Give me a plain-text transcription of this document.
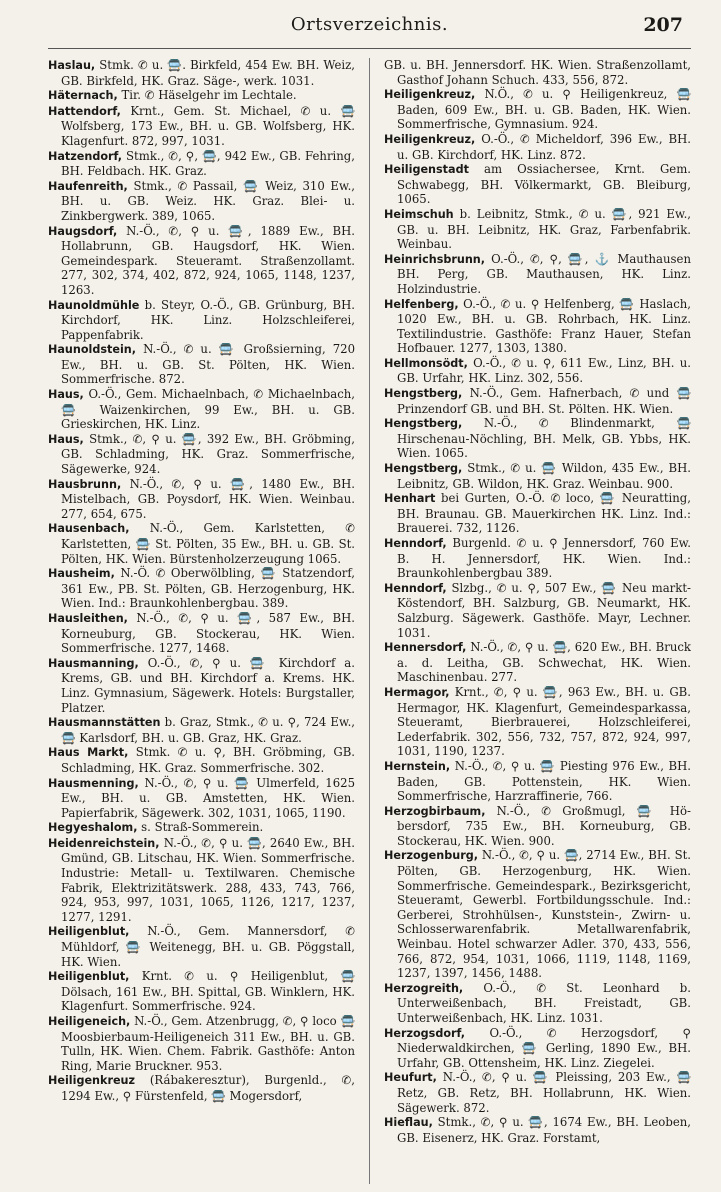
Ortsverzeichnis.	207

Haslau, Stmk. ✆ u. 🚍. Birkfeld, 454 Ew. BH. Weiz, GB. Birkfeld, HK. Graz. Säge-, werk. 1031.

Häternach, Tir. ✆ Häselgehr im Lechtale.

Hattendorf, Krnt., Gem. St. Michael, ✆ u. 🚍 Wolfsberg, 173 Ew., BH. u. GB. Wolfsberg, HK. Klagenfurt. 872, 997, 1031.

Hatzendorf, Stmk., ✆, ⚲, 🚍, 942 Ew., GB. Fehring, BH. Feldbach. HK. Graz.

Haufenreith, Stmk., ✆ Passail, 🚍 Weiz, 310 Ew., BH. u. GB. Weiz. HK. Graz. Blei- u. Zinkbergwerk. 389, 1065.

Haugsdorf, N.-Ö., ✆, ⚲ u. 🚍, 1889 Ew., BH. Hollabrunn, GB. Haugsdorf, HK. Wien. Gemeindespark. Steueramt. Straßenzollamt. 277, 302, 374, 402, 872, 924, 1065, 1148, 1237, 1263.

Haunoldmühle b. Steyr, O.-Ö., GB. Grünburg, BH. Kirchdorf, HK. Linz. Holzschleiferei, Pappenfabrik.

Haunoldstein, N.-Ö., ✆ u. 🚍 Großsierning, 720 Ew., BH. u. GB. St. Pölten, HK. Wien. Sommerfrische. 872.

Haus, O.-Ö., Gem. Michaelnbach, ✆ Michaelnbach, 🚍 Waizenkirchen, 99 Ew., BH. u. GB. Grieskirchen, HK. Linz.

Haus, Stmk., ✆, ⚲ u. 🚍, 392 Ew., BH. Gröbming, GB. Schladming, HK. Graz. Sommerfrische, Sägewerke, 924.

Hausbrunn, N.-Ö., ✆, ⚲ u. 🚍, 1480 Ew., BH. Mistelbach, GB. Poysdorf, HK. Wien. Weinbau. 277, 654, 675.

Hausenbach, N.-Ö., Gem. Karlstetten, ✆ Karlstetten, 🚍 St. Pölten, 35 Ew., BH. u. GB. St. Pölten, HK. Wien. Bürstenholzerzeugung 1065.

Hausheim, N.-Ö. ✆ Oberwölbling, 🚍 Statzendorf, 361 Ew., PB. St. Pölten, GB. Herzogenburg, HK. Wien. Ind.: Braunkohlenbergbau. 389.

Hausleithen, N.-Ö., ✆, ⚲ u. 🚍, 587 Ew., BH. Korneuburg, GB. Stockerau, HK. Wien. Sommerfrische. 1277, 1468.

Hausmanning, O.-Ö., ✆, ⚲ u. 🚍 Kirchdorf a. Krems, GB. und BH. Kirchdorf a. Krems. HK. Linz. Gymnasium, Sägewerk. Hotels: Burgstaller, Platzer.

Hausmannstätten b. Graz, Stmk., ✆ u. ⚲, 724 Ew., 🚍 Karlsdorf, BH. u. GB. Graz, HK. Graz.

Haus Markt, Stmk. ✆ u. ⚲, BH. Gröbming, GB. Schladming, HK. Graz. Sommerfrische. 302.

Hausmenning, N.-Ö., ✆, ⚲ u. 🚍 Ulmerfeld, 1625 Ew., BH. u. GB. Amstetten, HK. Wien. Papierfabrik, Sägewerk. 302, 1031, 1065, 1190.

Hegyeshalom, s. Straß-Sommerein.

Heidenreichstein, N.-Ö., ✆, ⚲ u. 🚍, 2640 Ew., BH. Gmünd, GB. Litschau, HK. Wien. Sommerfrische. Industrie: Metall- u. Textilwaren. Chemische Fabrik, Elektrizitätswerk. 288, 433, 743, 766, 924, 953, 997, 1031, 1065, 1126, 1217, 1237, 1277, 1291.

Heiligenblut, N.-Ö., Gem. Mannersdorf, ✆ Mühldorf, 🚍 Weitenegg, BH. u. GB. Pöggstall, HK. Wien.

Heiligenblut, Krnt. ✆ u. ⚲ Heiligenblut, 🚍 Dölsach, 161 Ew., BH. Spittal, GB. Winklern, HK. Klagenfurt. Sommerfrische. 924.

Heiligeneich, N.-Ö., Gem. Atzenbrugg, ✆, ⚲ loco 🚍 Moosbierbaum-Heiligeneich 311 Ew., BH. u. GB. Tulln, HK. Wien. Chem. Fabrik. Gasthöfe: Anton Ring, Marie Bruckner. 953.

Heiligenkreuz (Rábakeresztur), Burgenld., ✆, 1294 Ew., ⚲ Fürstenfeld, 🚍 Mogersdorf,

GB. u. BH. Jennersdorf. HK. Wien. Straßenzollamt, Gasthof Johann Schuch. 433, 556, 872.

Heiligenkreuz, N.Ö., ✆ u. ⚲ Heiligenkreuz, 🚍 Baden, 609 Ew., BH. u. GB. Baden, HK. Wien. Sommerfrische, Gymnasium. 924.

Heiligenkreuz, O.-Ö., ✆ Micheldorf, 396 Ew., BH. u. GB. Kirchdorf, HK. Linz. 872.

Heiligenstadt am Ossiachersee, Krnt. Gem. Schwabegg, BH. Völkermarkt, GB. Bleiburg, 1065.

Heimschuh b. Leibnitz, Stmk., ✆ u. 🚍, 921 Ew., GB. u. BH. Leibnitz, HK. Graz, Farbenfabrik. Weinbau.

Heinrichsbrunn, O.-Ö., ✆, ⚲, 🚍, ⚓ Mauthausen BH. Perg, GB. Mauthausen, HK. Linz. Holzindustrie.

Helfenberg, O.-Ö., ✆ u. ⚲ Helfenberg, 🚍 Haslach, 1020 Ew., BH. u. GB. Rohrbach, HK. Linz. Textilindustrie. Gasthöfe: Franz Hauer, Stefan Hofbauer. 1277, 1303, 1380.

Hellmonsödt, O.-Ö., ✆ u. ⚲, 611 Ew., Linz, BH. u. GB. Urfahr, HK. Linz. 302, 556.

Hengstberg, N.-Ö., Gem. Hafnerbach, ✆ und 🚍 Prinzendorf GB. und BH. St. Pölten. HK. Wien.

Hengstberg, N.-Ö., ✆ Blindenmarkt, 🚍 Hirschenau-Nöchling, BH. Melk, GB. Ybbs, HK. Wien. 1065.

Hengstberg, Stmk., ✆ u. 🚍 Wildon, 435 Ew., BH. Leibnitz, GB. Wildon, HK. Graz. Weinbau. 900.

Henhart bei Gurten, O.-Ö. ✆ loco, 🚍 Neuratting, BH. Braunau. GB. Mauerkirchen HK. Linz. Ind.: Brauerei. 732, 1126.

Henndorf, Burgenld. ✆ u. ⚲ Jennersdorf, 760 Ew. B. H. Jennersdorf, HK. Wien. Ind.: Braunkohlenbergbau 389.

Henndorf, Slzbg., ✆ u. ⚲, 507 Ew., 🚍 Neu markt-Köstendorf, BH. Salzburg, GB. Neumarkt, HK. Salzburg. Sägewerk. Gasthöfe. Mayr, Lechner. 1031.

Hennersdorf, N.-Ö., ✆, ⚲ u. 🚍, 620 Ew., BH. Bruck a. d. Leitha, GB. Schwechat, HK. Wien. Maschinenbau. 277.

Hermagor, Krnt., ✆, ⚲ u. 🚍, 963 Ew., BH. u. GB. Hermagor, HK. Klagenfurt, Gemeindesparkassa, Steueramt, Bierbrauerei, Holzschleiferei, Lederfabrik. 302, 556, 732, 757, 872, 924, 997, 1031, 1190, 1237.

Hernstein, N.-Ö., ✆, ⚲ u. 🚍 Piesting 976 Ew., BH. Baden, GB. Pottenstein, HK. Wien. Sommerfrische, Harzraffinerie, 766.

Herzogbirbaum, N.-Ö., ✆ Großmugl, 🚍 Hö-bersdorf, 735 Ew., BH. Korneuburg, GB. Stockerau, HK. Wien. 900.

Herzogenburg, N.-Ö., ✆, ⚲ u. 🚍, 2714 Ew., BH. St. Pölten, GB. Herzogenburg, HK. Wien. Sommerfrische. Gemeindespark., Bezirksgericht, Steueramt, Gewerbl. Fortbildungsschule. Ind.: Gerberei, Strohhülsen-, Kunststein-, Zwirn- u. Schlosserwarenfabrik. Metallwarenfabrik, Weinbau. Hotel schwarzer Adler. 370, 433, 556, 766, 872, 954, 1031, 1066, 1119, 1148, 1169, 1237, 1397, 1456, 1488.

Herzogreith, O.-Ö., ✆ St. Leonhard b. Unterweißenbach, BH. Freistadt, GB. Unterweißenbach, HK. Linz. 1031.

Herzogsdorf, O.-Ö., ✆ Herzogsdorf, ⚲ Niederwaldkirchen, 🚍 Gerling, 1890 Ew., BH. Urfahr, GB. Ottensheim, HK. Linz. Ziegelei.

Heufurt, N.-Ö., ✆, ⚲ u. 🚍 Pleissing, 203 Ew., 🚍 Retz, GB. Retz, BH. Hollabrunn, HK. Wien. Sägewerk. 872.

Hieflau, Stmk., ✆, ⚲ u. 🚍, 1674 Ew., BH. Leoben, GB. Eisenerz, HK. Graz. Forstamt,
